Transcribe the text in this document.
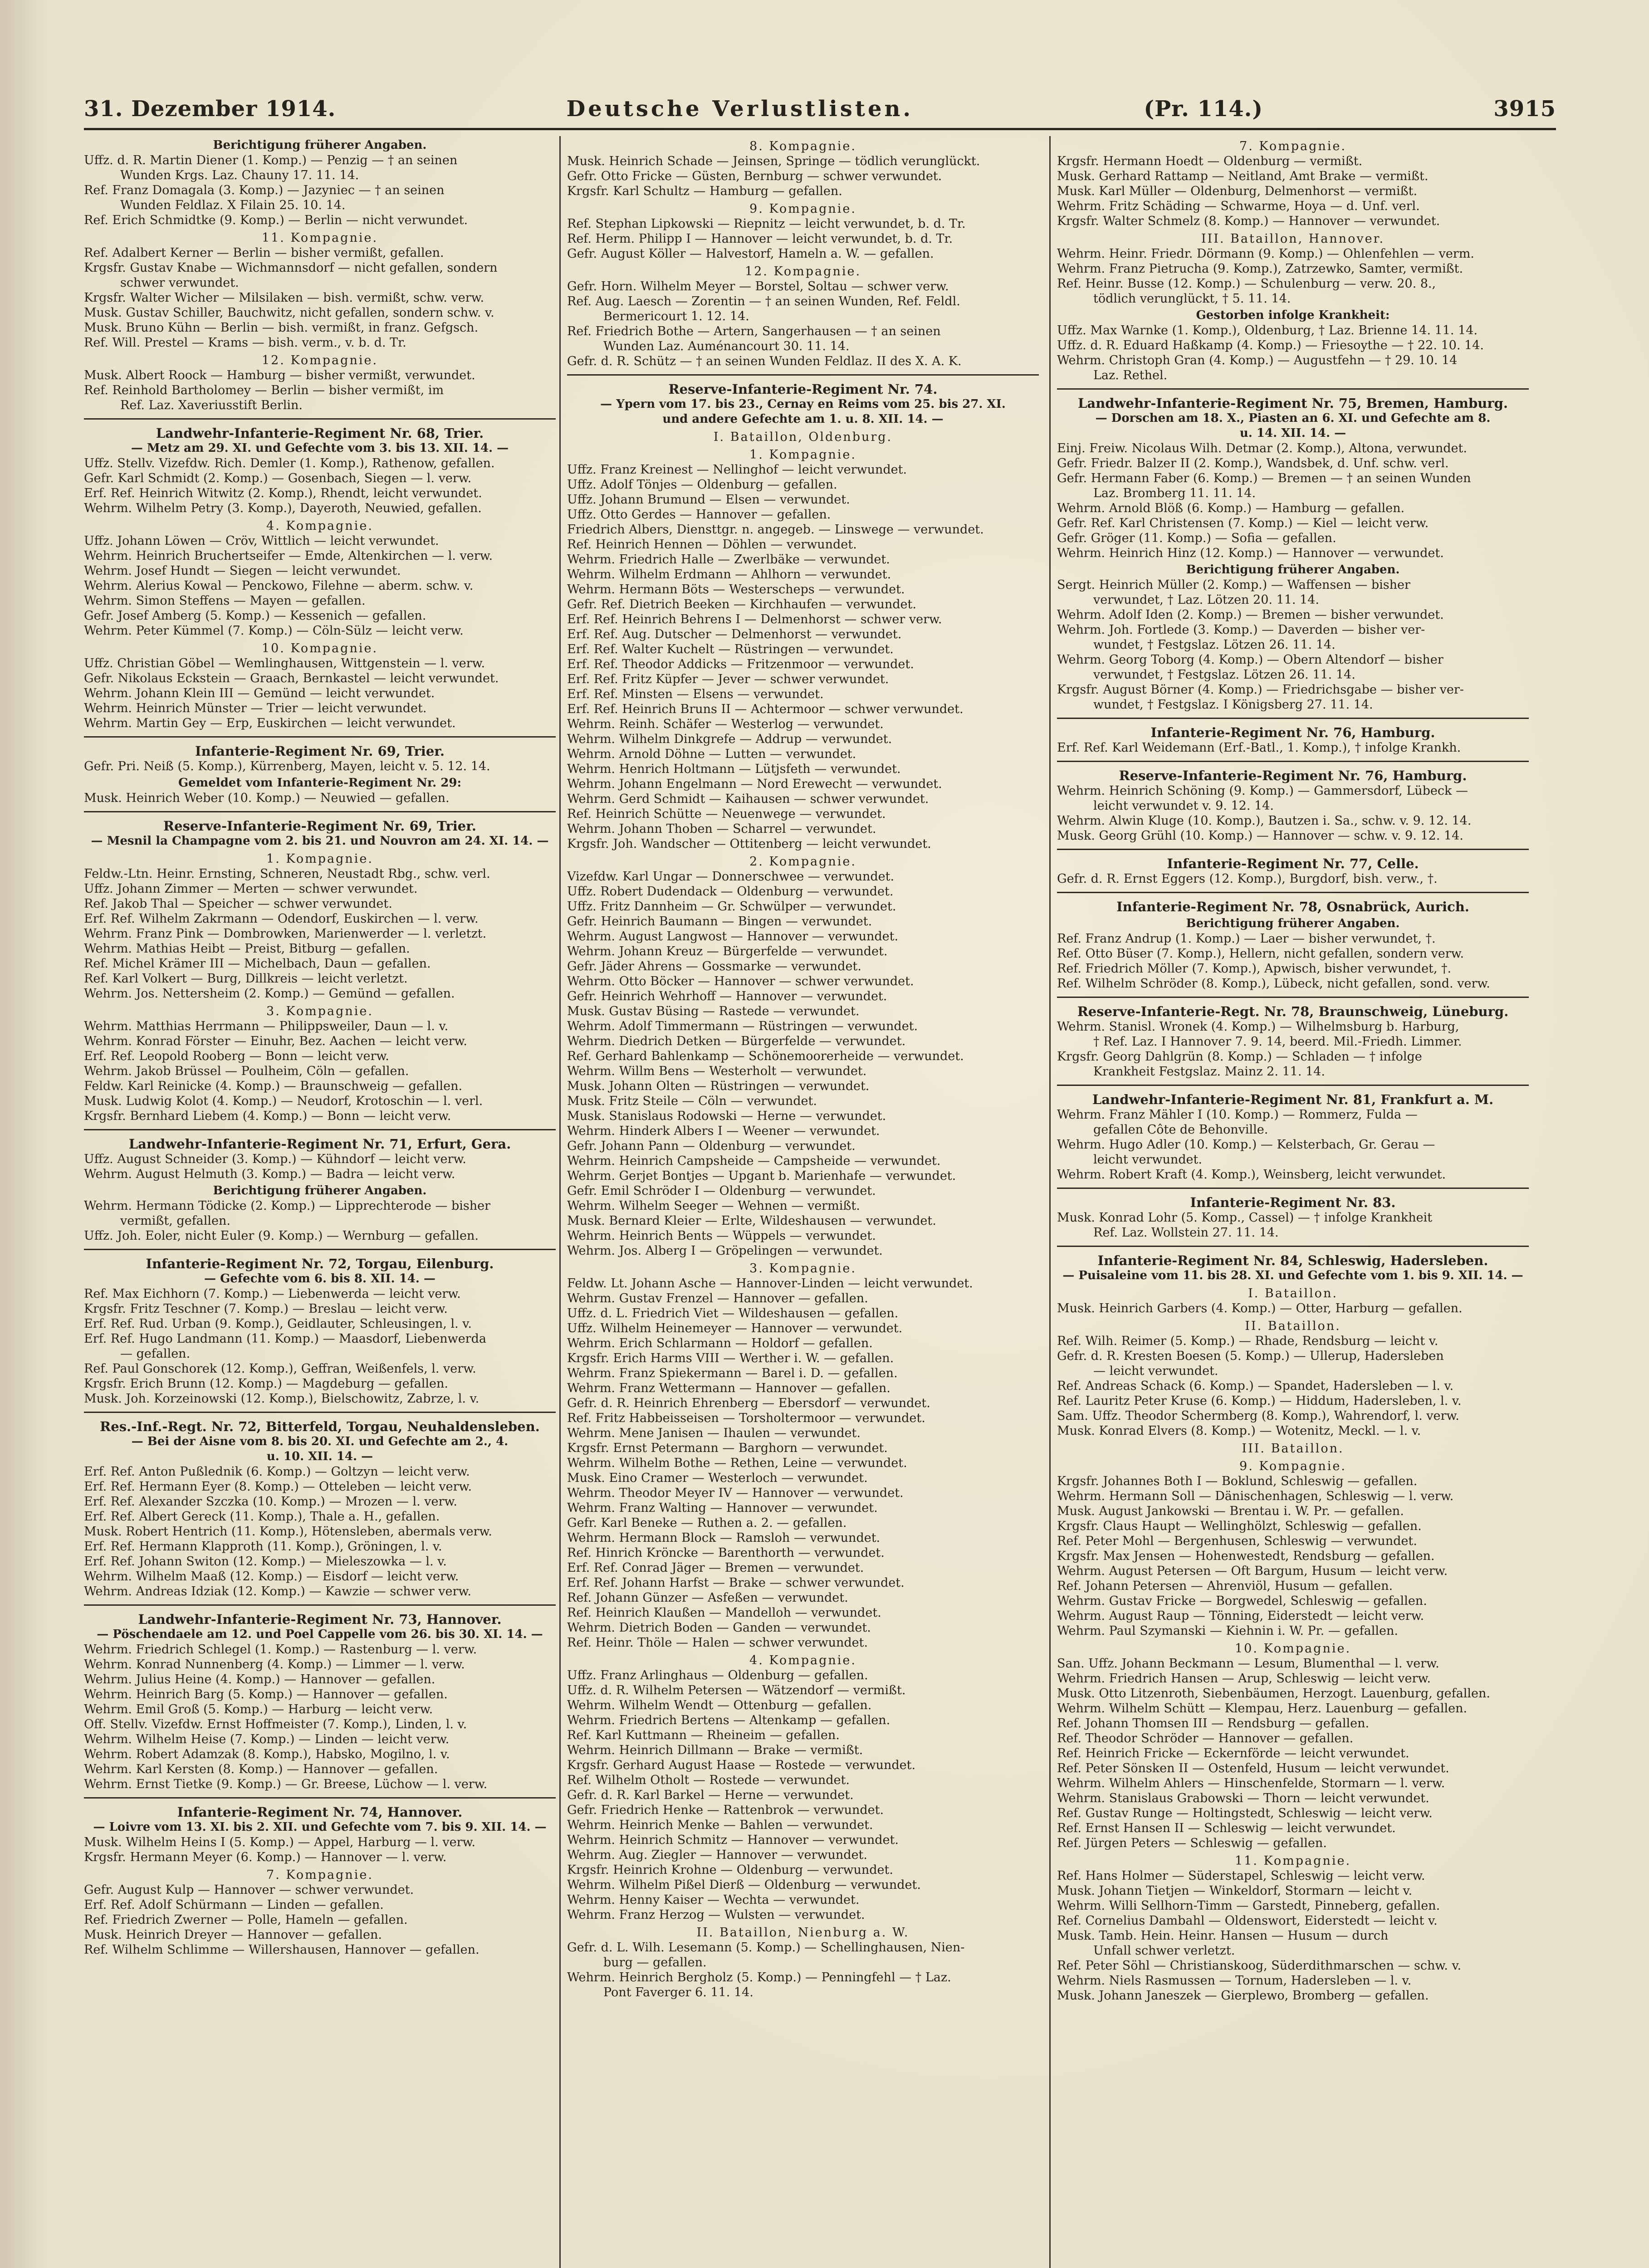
31. Dezember 1914.	Deutsche Verlustlisten.	(Pr. 114.)	3915
Berichtigung früherer Angaben.
Uffz. d. R. Martin Diener (1. Komp.) — Penzig — † an seinen
Wunden Krgs. Laz. Chauny 17. 11. 14.
Ref. Franz Domagala (3. Komp.) — Jazyniec — † an seinen
Wunden Feldlaz. X Filain 25. 10. 14.
Ref. Erich Schmidtke (9. Komp.) — Berlin — nicht verwundet.
11. Kompagnie.
Ref. Adalbert Kerner — Berlin — bisher vermißt, gefallen.
Krgsfr. Gustav Knabe — Wichmannsdorf — nicht gefallen, sondern
schwer verwundet.
Krgsfr. Walter Wicher — Milsilaken — bish. vermißt, schw. verw.
Musk. Gustav Schiller, Bauchwitz, nicht gefallen, sondern schw. v.
Musk. Bruno Kühn — Berlin — bish. vermißt, in franz. Gefgsch.
Ref. Will. Prestel — Krams — bish. verm., v. b. d. Tr.
12. Kompagnie.
Musk. Albert Roock — Hamburg — bisher vermißt, verwundet.
Ref. Reinhold Bartholomey — Berlin — bisher vermißt, im
Ref. Laz. Xaveriusstift Berlin.
Landwehr-Infanterie-Regiment Nr. 68, Trier.
— Metz am 29. XI. und Gefechte vom 3. bis 13. XII. 14. —
Uffz. Stellv. Vizefdw. Rich. Demler (1. Komp.), Rathenow, gefallen.
Gefr. Karl Schmidt (2. Komp.) — Gosenbach, Siegen — l. verw.
Erf. Ref. Heinrich Witwitz (2. Komp.), Rhendt, leicht verwundet.
Wehrm. Wilhelm Petry (3. Komp.), Dayeroth, Neuwied, gefallen.
4. Kompagnie.
Uffz. Johann Löwen — Cröv, Wittlich — leicht verwundet.
Wehrm. Heinrich Bruchertseifer — Emde, Altenkirchen — l. verw.
Wehrm. Josef Hundt — Siegen — leicht verwundet.
Wehrm. Alerius Kowal — Penckowo, Filehne — aberm. schw. v.
Wehrm. Simon Steffens — Mayen — gefallen.
Gefr. Josef Amberg (5. Komp.) — Kessenich — gefallen.
Wehrm. Peter Kümmel (7. Komp.) — Cöln-Sülz — leicht verw.
10. Kompagnie.
Uffz. Christian Göbel — Wemlinghausen, Wittgenstein — l. verw.
Gefr. Nikolaus Eckstein — Graach, Bernkastel — leicht verwundet.
Wehrm. Johann Klein III — Gemünd — leicht verwundet.
Wehrm. Heinrich Münster — Trier — leicht verwundet.
Wehrm. Martin Gey — Erp, Euskirchen — leicht verwundet.
Infanterie-Regiment Nr. 69, Trier.
Gefr. Pri. Neiß (5. Komp.), Kürrenberg, Mayen, leicht v. 5. 12. 14.
Gemeldet vom Infanterie-Regiment Nr. 29:
Musk. Heinrich Weber (10. Komp.) — Neuwied — gefallen.
Reserve-Infanterie-Regiment Nr. 69, Trier.
— Mesnil la Champagne vom 2. bis 21. und Nouvron am 24. XI. 14. —
1. Kompagnie.
Feldw.-Ltn. Heinr. Ernsting, Schneren, Neustadt Rbg., schw. verl.
Uffz. Johann Zimmer — Merten — schwer verwundet.
Ref. Jakob Thal — Speicher — schwer verwundet.
Erf. Ref. Wilhelm Zakrmann — Odendorf, Euskirchen — l. verw.
Wehrm. Franz Pink — Dombrowken, Marienwerder — l. verletzt.
Wehrm. Mathias Heibt — Preist, Bitburg — gefallen.
Ref. Michel Krämer III — Michelbach, Daun — gefallen.
Ref. Karl Volkert — Burg, Dillkreis — leicht verletzt.
Wehrm. Jos. Nettersheim (2. Komp.) — Gemünd — gefallen.
3. Kompagnie.
Wehrm. Matthias Herrmann — Philippsweiler, Daun — l. v.
Wehrm. Konrad Förster — Einuhr, Bez. Aachen — leicht verw.
Erf. Ref. Leopold Rooberg — Bonn — leicht verw.
Wehrm. Jakob Brüssel — Poulheim, Cöln — gefallen.
Feldw. Karl Reinicke (4. Komp.) — Braunschweig — gefallen.
Musk. Ludwig Kolot (4. Komp.) — Neudorf, Krotoschin — l. verl.
Krgsfr. Bernhard Liebem (4. Komp.) — Bonn — leicht verw.
Landwehr-Infanterie-Regiment Nr. 71, Erfurt, Gera.
Uffz. August Schneider (3. Komp.) — Kühndorf — leicht verw.
Wehrm. August Helmuth (3. Komp.) — Badra — leicht verw.
Berichtigung früherer Angaben.
Wehrm. Hermann Tödicke (2. Komp.) — Lipprechterode — bisher
vermißt, gefallen.
Uffz. Joh. Eoler, nicht Euler (9. Komp.) — Wernburg — gefallen.
Infanterie-Regiment Nr. 72, Torgau, Eilenburg.
— Gefechte vom 6. bis 8. XII. 14. —
Ref. Max Eichhorn (7. Komp.) — Liebenwerda — leicht verw.
Krgsfr. Fritz Teschner (7. Komp.) — Breslau — leicht verw.
Erf. Ref. Rud. Urban (9. Komp.), Geidlauter, Schleusingen, l. v.
Erf. Ref. Hugo Landmann (11. Komp.) — Maasdorf, Liebenwerda
— gefallen.
Ref. Paul Gonschorek (12. Komp.), Geffran, Weißenfels, l. verw.
Krgsfr. Erich Brunn (12. Komp.) — Magdeburg — gefallen.
Musk. Joh. Korzeinowski (12. Komp.), Bielschowitz, Zabrze, l. v.
Res.-Inf.-Regt. Nr. 72, Bitterfeld, Torgau, Neuhaldensleben.
— Bei der Aisne vom 8. bis 20. XI. und Gefechte am 2., 4.
u. 10. XII. 14. —
Erf. Ref. Anton Pußlednik (6. Komp.) — Goltzyn — leicht verw.
Erf. Ref. Hermann Eyer (8. Komp.) — Otteleben — leicht verw.
Erf. Ref. Alexander Szczka (10. Komp.) — Mrozen — l. verw.
Erf. Ref. Albert Gereck (11. Komp.), Thale a. H., gefallen.
Musk. Robert Hentrich (11. Komp.), Hötensleben, abermals verw.
Erf. Ref. Hermann Klapproth (11. Komp.), Gröningen, l. v.
Erf. Ref. Johann Switon (12. Komp.) — Mieleszowka — l. v.
Wehrm. Wilhelm Maaß (12. Komp.) — Eisdorf — leicht verw.
Wehrm. Andreas Idziak (12. Komp.) — Kawzie — schwer verw.
Landwehr-Infanterie-Regiment Nr. 73, Hannover.
— Pöschendaele am 12. und Poel Cappelle vom 26. bis 30. XI. 14. —
Wehrm. Friedrich Schlegel (1. Komp.) — Rastenburg — l. verw.
Wehrm. Konrad Nunnenberg (4. Komp.) — Limmer — l. verw.
Wehrm. Julius Heine (4. Komp.) — Hannover — gefallen.
Wehrm. Heinrich Barg (5. Komp.) — Hannover — gefallen.
Wehrm. Emil Groß (5. Komp.) — Harburg — leicht verw.
Off. Stellv. Vizefdw. Ernst Hoffmeister (7. Komp.), Linden, l. v.
Wehrm. Wilhelm Heise (7. Komp.) — Linden — leicht verw.
Wehrm. Robert Adamzak (8. Komp.), Habsko, Mogilno, l. v.
Wehrm. Karl Kersten (8. Komp.) — Hannover — gefallen.
Wehrm. Ernst Tietke (9. Komp.) — Gr. Breese, Lüchow — l. verw.
Infanterie-Regiment Nr. 74, Hannover.
— Loivre vom 13. XI. bis 2. XII. und Gefechte vom 7. bis 9. XII. 14. —
Musk. Wilhelm Heins I (5. Komp.) — Appel, Harburg — l. verw.
Krgsfr. Hermann Meyer (6. Komp.) — Hannover — l. verw.
7. Kompagnie.
Gefr. August Kulp — Hannover — schwer verwundet.
Erf. Ref. Adolf Schürmann — Linden — gefallen.
Ref. Friedrich Zwerner — Polle, Hameln — gefallen.
Musk. Heinrich Dreyer — Hannover — gefallen.
Ref. Wilhelm Schlimme — Willershausen, Hannover — gefallen.
8. Kompagnie.
Musk. Heinrich Schade — Jeinsen, Springe — tödlich verunglückt.
Gefr. Otto Fricke — Güsten, Bernburg — schwer verwundet.
Krgsfr. Karl Schultz — Hamburg — gefallen.
9. Kompagnie.
Ref. Stephan Lipkowski — Riepnitz — leicht verwundet, b. d. Tr.
Ref. Herm. Philipp I — Hannover — leicht verwundet, b. d. Tr.
Gefr. August Köller — Halvestorf, Hameln a. W. — gefallen.
12. Kompagnie.
Gefr. Horn. Wilhelm Meyer — Borstel, Soltau — schwer verw.
Ref. Aug. Laesch — Zorentin — † an seinen Wunden, Ref. Feldl.
Bermericourt 1. 12. 14.
Ref. Friedrich Bothe — Artern, Sangerhausen — † an seinen
Wunden Laz. Auménancourt 30. 11. 14.
Gefr. d. R. Schütz — † an seinen Wunden Feldlaz. II des X. A. K.
Reserve-Infanterie-Regiment Nr. 74.
— Ypern vom 17. bis 23., Cernay en Reims vom 25. bis 27. XI.
und andere Gefechte am 1. u. 8. XII. 14. —
I. Bataillon, Oldenburg.
1. Kompagnie.
Uffz. Franz Kreinest — Nellinghof — leicht verwundet.
Uffz. Adolf Tönjes — Oldenburg — gefallen.
Uffz. Johann Brumund — Elsen — verwundet.
Uffz. Otto Gerdes — Hannover — gefallen.
Friedrich Albers, Diensttgr. n. angegeb. — Linswege — verwundet.
Ref. Heinrich Hennen — Döhlen — verwundet.
Wehrm. Friedrich Halle — Zwerlbäke — verwundet.
Wehrm. Wilhelm Erdmann — Ahlhorn — verwundet.
Wehrm. Hermann Böts — Westerscheps — verwundet.
Gefr. Ref. Dietrich Beeken — Kirchhaufen — verwundet.
Erf. Ref. Heinrich Behrens I — Delmenhorst — schwer verw.
Erf. Ref. Aug. Dutscher — Delmenhorst — verwundet.
Erf. Ref. Walter Kuchelt — Rüstringen — verwundet.
Erf. Ref. Theodor Addicks — Fritzenmoor — verwundet.
Erf. Ref. Fritz Küpfer — Jever — schwer verwundet.
Erf. Ref. Minsten — Elsens — verwundet.
Erf. Ref. Heinrich Bruns II — Achtermoor — schwer verwundet.
Wehrm. Reinh. Schäfer — Westerlog — verwundet.
Wehrm. Wilhelm Dinkgrefe — Addrup — verwundet.
Wehrm. Arnold Döhne — Lutten — verwundet.
Wehrm. Henrich Holtmann — Lütjsfeth — verwundet.
Wehrm. Johann Engelmann — Nord Erewecht — verwundet.
Wehrm. Gerd Schmidt — Kaihausen — schwer verwundet.
Ref. Heinrich Schütte — Neuenwege — verwundet.
Wehrm. Johann Thoben — Scharrel — verwundet.
Krgsfr. Joh. Wandscher — Ottitenberg — leicht verwundet.
2. Kompagnie.
Vizefdw. Karl Ungar — Donnerschwee — verwundet.
Uffz. Robert Dudendack — Oldenburg — verwundet.
Uffz. Fritz Dannheim — Gr. Schwülper — verwundet.
Gefr. Heinrich Baumann — Bingen — verwundet.
Wehrm. August Langwost — Hannover — verwundet.
Wehrm. Johann Kreuz — Bürgerfelde — verwundet.
Gefr. Jäder Ahrens — Gossmarke — verwundet.
Wehrm. Otto Böcker — Hannover — schwer verwundet.
Gefr. Heinrich Wehrhoff — Hannover — verwundet.
Musk. Gustav Büsing — Rastede — verwundet.
Wehrm. Adolf Timmermann — Rüstringen — verwundet.
Wehrm. Diedrich Detken — Bürgerfelde — verwundet.
Ref. Gerhard Bahlenkamp — Schönemoorerheide — verwundet.
Wehrm. Willm Bens — Westerholt — verwundet.
Musk. Johann Olten — Rüstringen — verwundet.
Musk. Fritz Steile — Cöln — verwundet.
Musk. Stanislaus Rodowski — Herne — verwundet.
Wehrm. Hinderk Albers I — Weener — verwundet.
Gefr. Johann Pann — Oldenburg — verwundet.
Wehrm. Heinrich Campsheide — Campsheide — verwundet.
Wehrm. Gerjet Bontjes — Upgant b. Marienhafe — verwundet.
Gefr. Emil Schröder I — Oldenburg — verwundet.
Wehrm. Wilhelm Seeger — Wehnen — vermißt.
Musk. Bernard Kleier — Erlte, Wildeshausen — verwundet.
Wehrm. Heinrich Bents — Wüppels — verwundet.
Wehrm. Jos. Alberg I — Gröpelingen — verwundet.
3. Kompagnie.
Feldw. Lt. Johann Asche — Hannover-Linden — leicht verwundet.
Wehrm. Gustav Frenzel — Hannover — gefallen.
Uffz. d. L. Friedrich Viet — Wildeshausen — gefallen.
Uffz. Wilhelm Heinemeyer — Hannover — verwundet.
Wehrm. Erich Schlarmann — Holdorf — gefallen.
Krgsfr. Erich Harms VIII — Werther i. W. — gefallen.
Wehrm. Franz Spiekermann — Barel i. D. — gefallen.
Wehrm. Franz Wettermann — Hannover — gefallen.
Gefr. d. R. Heinrich Ehrenberg — Ebersdorf — verwundet.
Ref. Fritz Habbeisseisen — Torsholtermoor — verwundet.
Wehrm. Mene Janisen — Ihaulen — verwundet.
Krgsfr. Ernst Petermann — Barghorn — verwundet.
Wehrm. Wilhelm Bothe — Rethen, Leine — verwundet.
Musk. Eino Cramer — Westerloch — verwundet.
Wehrm. Theodor Meyer IV — Hannover — verwundet.
Wehrm. Franz Walting — Hannover — verwundet.
Gefr. Karl Beneke — Ruthen a. 2. — gefallen.
Wehrm. Hermann Block — Ramsloh — verwundet.
Ref. Hinrich Kröncke — Barenthorth — verwundet.
Erf. Ref. Conrad Jäger — Bremen — verwundet.
Erf. Ref. Johann Harfst — Brake — schwer verwundet.
Ref. Johann Günzer — Asfeßen — verwundet.
Ref. Heinrich Klaußen — Mandelloh — verwundet.
Wehrm. Dietrich Boden — Ganden — verwundet.
Ref. Heinr. Thöle — Halen — schwer verwundet.
4. Kompagnie.
Uffz. Franz Arlinghaus — Oldenburg — gefallen.
Uffz. d. R. Wilhelm Petersen — Wätzendorf — vermißt.
Wehrm. Wilhelm Wendt — Ottenburg — gefallen.
Wehrm. Friedrich Bertens — Altenkamp — gefallen.
Ref. Karl Kuttmann — Rheineim — gefallen.
Wehrm. Heinrich Dillmann — Brake — vermißt.
Krgsfr. Gerhard August Haase — Rostede — verwundet.
Ref. Wilhelm Otholt — Rostede — verwundet.
Gefr. d. R. Karl Barkel — Herne — verwundet.
Gefr. Friedrich Henke — Rattenbrok — verwundet.
Wehrm. Heinrich Menke — Bahlen — verwundet.
Wehrm. Heinrich Schmitz — Hannover — verwundet.
Wehrm. Aug. Ziegler — Hannover — verwundet.
Krgsfr. Heinrich Krohne — Oldenburg — verwundet.
Wehrm. Wilhelm Pißel Dierß — Oldenburg — verwundet.
Wehrm. Henny Kaiser — Wechta — verwundet.
Wehrm. Franz Herzog — Wulsten — verwundet.
II. Bataillon, Nienburg a. W.
Gefr. d. L. Wilh. Lesemann (5. Komp.) — Schellinghausen, Nien-
burg — gefallen.
Wehrm. Heinrich Bergholz (5. Komp.) — Penningfehl — † Laz.
Pont Faverger 6. 11. 14.
7. Kompagnie.
Krgsfr. Hermann Hoedt — Oldenburg — vermißt.
Musk. Gerhard Rattamp — Neitland, Amt Brake — vermißt.
Musk. Karl Müller — Oldenburg, Delmenhorst — vermißt.
Wehrm. Fritz Schäding — Schwarme, Hoya — d. Unf. verl.
Krgsfr. Walter Schmelz (8. Komp.) — Hannover — verwundet.
III. Bataillon, Hannover.
Wehrm. Heinr. Friedr. Dörmann (9. Komp.) — Ohlenfehlen — verm.
Wehrm. Franz Pietrucha (9. Komp.), Zatrzewko, Samter, vermißt.
Ref. Heinr. Busse (12. Komp.) — Schulenburg — verw. 20. 8.,
tödlich verunglückt, † 5. 11. 14.
Gestorben infolge Krankheit:
Uffz. Max Warnke (1. Komp.), Oldenburg, † Laz. Brienne 14. 11. 14.
Uffz. d. R. Eduard Haßkamp (4. Komp.) — Friesoythe — † 22. 10. 14.
Wehrm. Christoph Gran (4. Komp.) — Augustfehn — † 29. 10. 14
Laz. Rethel.
Landwehr-Infanterie-Regiment Nr. 75, Bremen, Hamburg.
— Dorschen am 18. X., Piasten an 6. XI. und Gefechte am 8.
u. 14. XII. 14. —
Einj. Freiw. Nicolaus Wilh. Detmar (2. Komp.), Altona, verwundet.
Gefr. Friedr. Balzer II (2. Komp.), Wandsbek, d. Unf. schw. verl.
Gefr. Hermann Faber (6. Komp.) — Bremen — † an seinen Wunden
Laz. Bromberg 11. 11. 14.
Wehrm. Arnold Blöß (6. Komp.) — Hamburg — gefallen.
Gefr. Ref. Karl Christensen (7. Komp.) — Kiel — leicht verw.
Gefr. Gröger (11. Komp.) — Sofia — gefallen.
Wehrm. Heinrich Hinz (12. Komp.) — Hannover — verwundet.
Berichtigung früherer Angaben.
Sergt. Heinrich Müller (2. Komp.) — Waffensen — bisher
verwundet, † Laz. Lötzen 20. 11. 14.
Wehrm. Adolf Iden (2. Komp.) — Bremen — bisher verwundet.
Wehrm. Joh. Fortlede (3. Komp.) — Daverden — bisher ver-
wundet, † Festgslaz. Lötzen 26. 11. 14.
Wehrm. Georg Toborg (4. Komp.) — Obern Altendorf — bisher
verwundet, † Festgslaz. Lötzen 26. 11. 14.
Krgsfr. August Börner (4. Komp.) — Friedrichsgabe — bisher ver-
wundet, † Festgslaz. I Königsberg 27. 11. 14.
Infanterie-Regiment Nr. 76, Hamburg.
Erf. Ref. Karl Weidemann (Erf.-Batl., 1. Komp.), † infolge Krankh.
Reserve-Infanterie-Regiment Nr. 76, Hamburg.
Wehrm. Heinrich Schöning (9. Komp.) — Gammersdorf, Lübeck —
leicht verwundet v. 9. 12. 14.
Wehrm. Alwin Kluge (10. Komp.), Bautzen i. Sa., schw. v. 9. 12. 14.
Musk. Georg Grühl (10. Komp.) — Hannover — schw. v. 9. 12. 14.
Infanterie-Regiment Nr. 77, Celle.
Gefr. d. R. Ernst Eggers (12. Komp.), Burgdorf, bish. verw., †.
Infanterie-Regiment Nr. 78, Osnabrück, Aurich.
Berichtigung früherer Angaben.
Ref. Franz Andrup (1. Komp.) — Laer — bisher verwundet, †.
Ref. Otto Büser (7. Komp.), Hellern, nicht gefallen, sondern verw.
Ref. Friedrich Möller (7. Komp.), Apwisch, bisher verwundet, †.
Ref. Wilhelm Schröder (8. Komp.), Lübeck, nicht gefallen, sond. verw.
Reserve-Infanterie-Regt. Nr. 78, Braunschweig, Lüneburg.
Wehrm. Stanisl. Wronek (4. Komp.) — Wilhelmsburg b. Harburg,
† Ref. Laz. I Hannover 7. 9. 14, beerd. Mil.-Friedh. Limmer.
Krgsfr. Georg Dahlgrün (8. Komp.) — Schladen — † infolge
Krankheit Festgslaz. Mainz 2. 11. 14.
Landwehr-Infanterie-Regiment Nr. 81, Frankfurt a. M.
Wehrm. Franz Mähler I (10. Komp.) — Rommerz, Fulda —
gefallen Côte de Behonville.
Wehrm. Hugo Adler (10. Komp.) — Kelsterbach, Gr. Gerau —
leicht verwundet.
Wehrm. Robert Kraft (4. Komp.), Weinsberg, leicht verwundet.
Infanterie-Regiment Nr. 83.
Musk. Konrad Lohr (5. Komp., Cassel) — † infolge Krankheit
Ref. Laz. Wollstein 27. 11. 14.
Infanterie-Regiment Nr. 84, Schleswig, Hadersleben.
— Puisaleine vom 11. bis 28. XI. und Gefechte vom 1. bis 9. XII. 14. —
I. Bataillon.
Musk. Heinrich Garbers (4. Komp.) — Otter, Harburg — gefallen.
II. Bataillon.
Ref. Wilh. Reimer (5. Komp.) — Rhade, Rendsburg — leicht v.
Gefr. d. R. Kresten Boesen (5. Komp.) — Ullerup, Hadersleben
— leicht verwundet.
Ref. Andreas Schack (6. Komp.) — Spandet, Hadersleben — l. v.
Ref. Lauritz Peter Kruse (6. Komp.) — Hiddum, Hadersleben, l. v.
Sam. Uffz. Theodor Schermberg (8. Komp.), Wahrendorf, l. verw.
Musk. Konrad Elvers (8. Komp.) — Wotenitz, Meckl. — l. v.
III. Bataillon.
9. Kompagnie.
Krgsfr. Johannes Both I — Boklund, Schleswig — gefallen.
Wehrm. Hermann Soll — Dänischenhagen, Schleswig — l. verw.
Musk. August Jankowski — Brentau i. W. Pr. — gefallen.
Krgsfr. Claus Haupt — Wellinghölzt, Schleswig — gefallen.
Ref. Peter Mohl — Bergenhusen, Schleswig — verwundet.
Krgsfr. Max Jensen — Hohenwestedt, Rendsburg — gefallen.
Wehrm. August Petersen — Oft Bargum, Husum — leicht verw.
Ref. Johann Petersen — Ahrenviöl, Husum — gefallen.
Wehrm. Gustav Fricke — Borgwedel, Schleswig — gefallen.
Wehrm. August Raup — Tönning, Eiderstedt — leicht verw.
Wehrm. Paul Szymanski — Kiehnin i. W. Pr. — gefallen.
10. Kompagnie.
San. Uffz. Johann Beckmann — Lesum, Blumenthal — l. verw.
Wehrm. Friedrich Hansen — Arup, Schleswig — leicht verw.
Musk. Otto Litzenroth, Siebenbäumen, Herzogt. Lauenburg, gefallen.
Wehrm. Wilhelm Schütt — Klempau, Herz. Lauenburg — gefallen.
Ref. Johann Thomsen III — Rendsburg — gefallen.
Ref. Theodor Schröder — Hannover — gefallen.
Ref. Heinrich Fricke — Eckernförde — leicht verwundet.
Ref. Peter Sönsken II — Ostenfeld, Husum — leicht verwundet.
Wehrm. Wilhelm Ahlers — Hinschenfelde, Stormarn — l. verw.
Wehrm. Stanislaus Grabowski — Thorn — leicht verwundet.
Ref. Gustav Runge — Holtingstedt, Schleswig — leicht verw.
Ref. Ernst Hansen II — Schleswig — leicht verwundet.
Ref. Jürgen Peters — Schleswig — gefallen.
11. Kompagnie.
Ref. Hans Holmer — Süderstapel, Schleswig — leicht verw.
Musk. Johann Tietjen — Winkeldorf, Stormarn — leicht v.
Wehrm. Willi Sellhorn-Timm — Garstedt, Pinneberg, gefallen.
Ref. Cornelius Dambahl — Oldenswort, Eiderstedt — leicht v.
Musk. Tamb. Hein. Heinr. Hansen — Husum — durch
Unfall schwer verletzt.
Ref. Peter Söhl — Christianskoog, Süderdithmarschen — schw. v.
Wehrm. Niels Rasmussen — Tornum, Hadersleben — l. v.
Musk. Johann Janeszek — Gierplewo, Bromberg — gefallen.
